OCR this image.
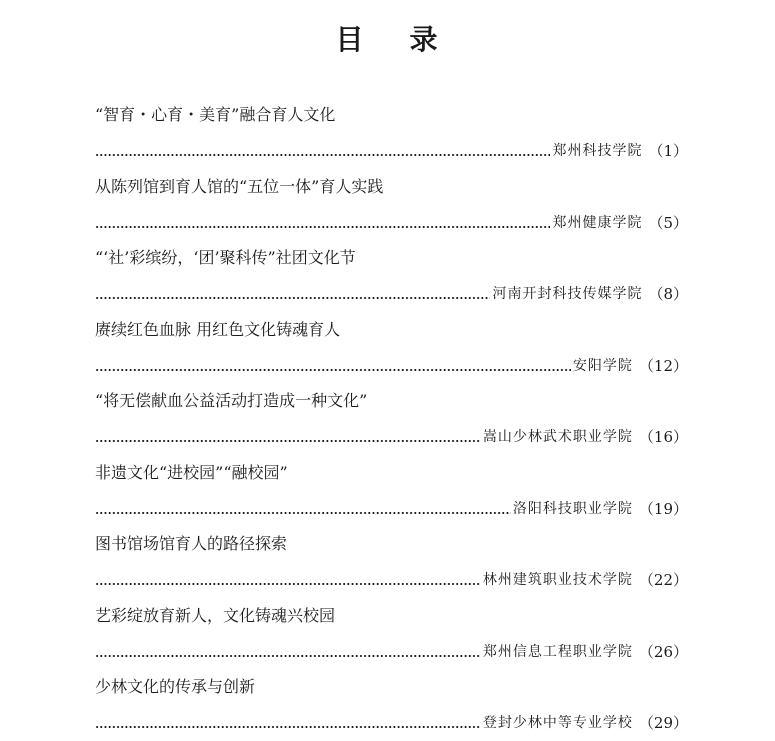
目 录
“智育・心育・美育”融合育人文化
郑州科技学院 （1）
从陈列馆到育人馆的“五位一体”育人实践
郑州健康学院 （5）
“‘社’彩缤纷，‘团’聚科传”社团文化节
河南开封科技传媒学院 （8）
赓续红色血脉 用红色文化铸魂育人
安阳学院 （12）
“将无偿献血公益活动打造成一种文化”
嵩山少林武术职业学院 （16）
非遗文化“进校园”“融校园”
洛阳科技职业学院 （19）
图书馆场馆育人的路径探索
林州建筑职业技术学院 （22）
艺彩绽放育新人，文化铸魂兴校园
郑州信息工程职业学院 （26）
少林文化的传承与创新
登封少林中等专业学校 （29）
